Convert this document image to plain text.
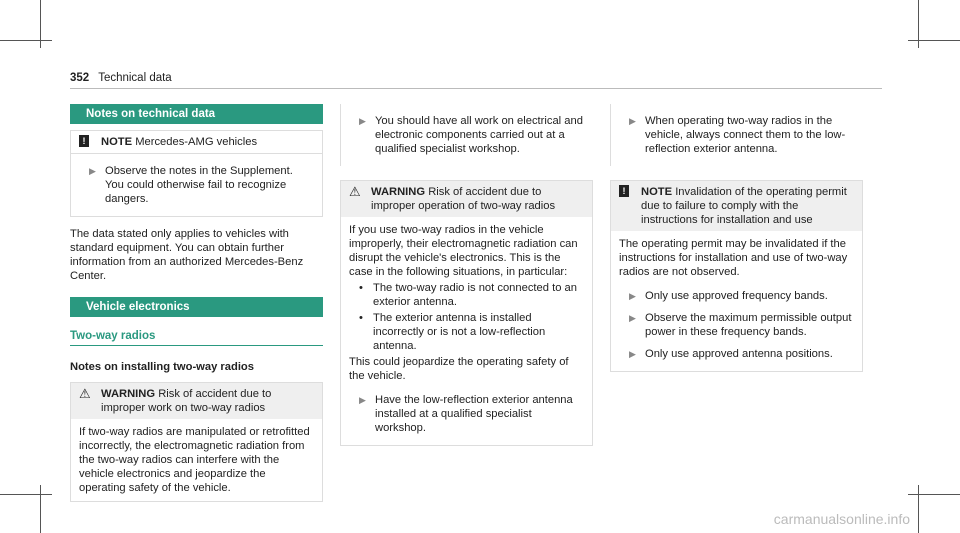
352 Technical data
Notes on technical data
!	NOTE Mercedes-AMG vehicles
▶ Observe the notes in the Supplement. You could otherwise fail to recognize dangers.

The data stated only applies to vehicles with standard equipment. You can obtain further information from an authorized Mercedes-Benz Center.

Vehicle electronics
Two-way radios
Notes on installing two-way radios
⚠ WARNING Risk of accident due to improper work on two-way radios
If two-way radios are manipulated or retrofitted incorrectly, the electromagnetic radiation from the two-way radios can interfere with the vehicle electronics and jeopardize the operating safety of the vehicle.
▶ You should have all work on electrical and electronic components carried out at a qualified specialist workshop.
⚠ WARNING Risk of accident due to improper operation of two-way radios
If you use two-way radios in the vehicle improperly, their electromagnetic radiation can disrupt the vehicle's electronics. This is the case in the following situations, in particular:
• The two-way radio is not connected to an exterior antenna.
• The exterior antenna is installed incorrectly or is not a low-reflection antenna.
This could jeopardize the operating safety of the vehicle.
▶ Have the low-reflection exterior antenna installed at a qualified specialist workshop.
▶ When operating two-way radios in the vehicle, always connect them to the low-reflection exterior antenna.
!	NOTE Invalidation of the operating permit due to failure to comply with the instructions for installation and use
The operating permit may be invalidated if the instructions for installation and use of two-way radios are not observed.
▶ Only use approved frequency bands.
▶ Observe the maximum permissible output power in these frequency bands.
▶ Only use approved antenna positions.
carmanualsonline.info
